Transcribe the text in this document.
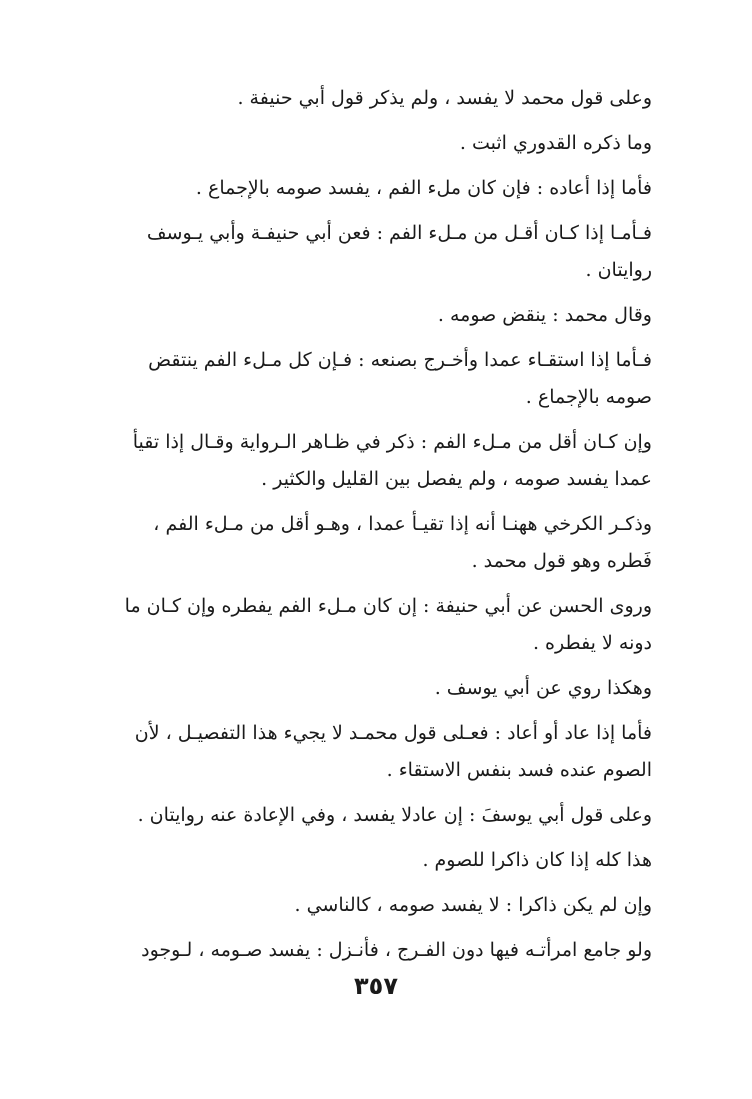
وعلى قول محمد لا يفسد ، ولم يذكر قول أبي حنيفة .

وما ذكره القدوري اثبت .

فأما إذا أعاده : فإن كان ملء الفم ، يفسد صومه بالإجماع .

فـأمـا إذا كـان أقـل من مـلء الفم : فعن أبي حنيفـة وأبي يـوسف
روايتان .

وقال محمد : ينقض صومه .

فـأما إذا استقـاء عمدا وأخـرج بصنعه : فـإن كل مـلء الفم ينتقض
صومه بالإجماع .

وإن كـان أقل من مـلء الفم : ذكر في ظـاهر الـرواية وقـال إذا تقيأ
عمدا يفسد صومه ، ولم يفصل بين القليل والكثير .

وذكـر الكرخي ههنـا أنه إذا تقيـأ عمدا ، وهـو أقل من مـلء الفم ،
فَطره وهو قول محمد .

وروى الحسن عن أبي حنيفة : إن كان مـلء الفم يفطره وإن كـان ما
دونه لا يفطره .

وهكذا روي عن أبي يوسف .

فأما إذا عاد أو أعاد : فعـلى قول محمـد لا يجيء هذا التفصيـل ، لأن
الصوم عنده فسد بنفس الاستقاء .

وعلى قول أبي يوسفَ : إن عادلا يفسد ، وفي الإعادة عنه روايتان .

هذا كله إذا كان ذاكرا للصوم .

وإن لم يكن ذاكرا : لا يفسد صومه ، كالناسي .

ولو جامع امرأتـه فيها دون الفـرج ، فأنـزل : يفسد صـومه ، لـوجود

٣٥٧
